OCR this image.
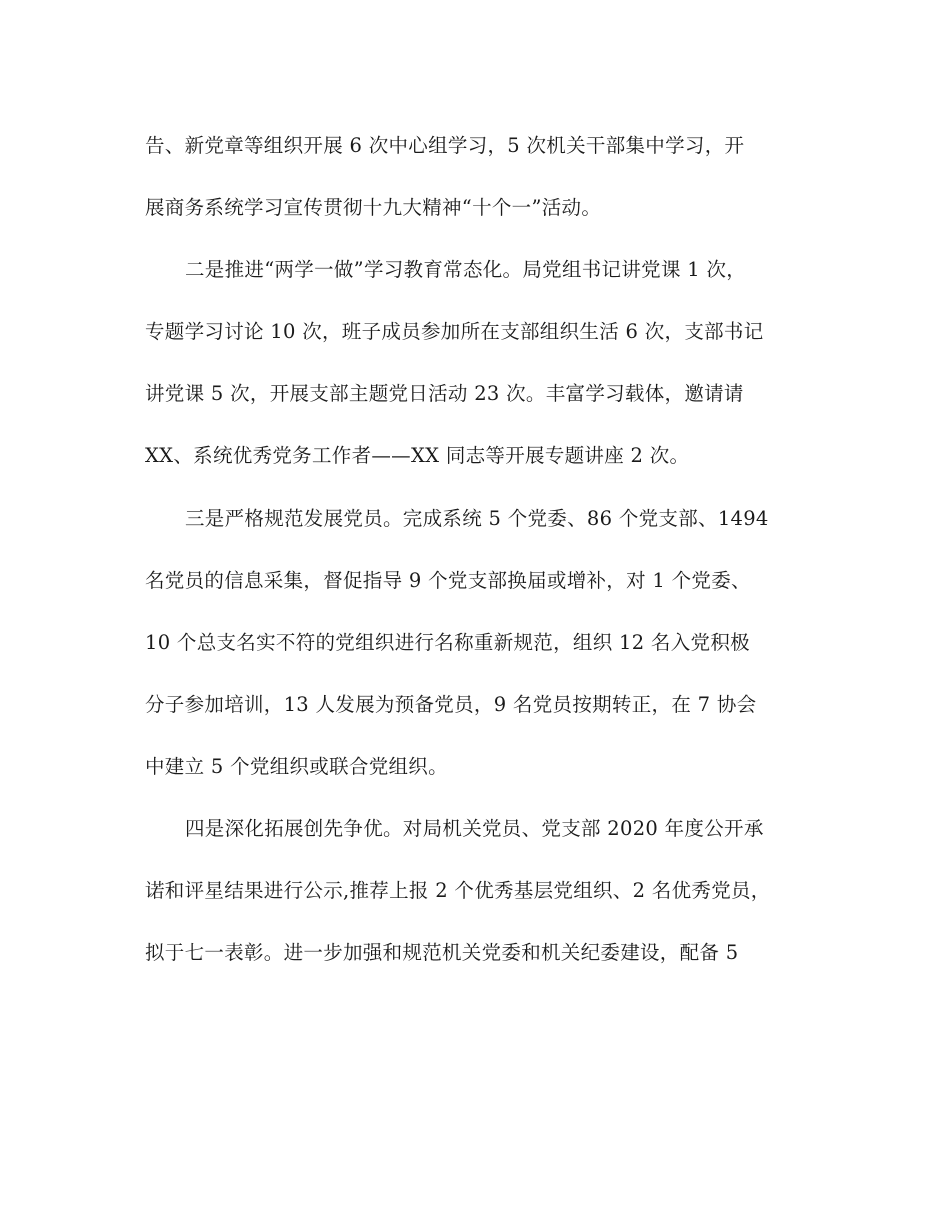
告、新党章等组织开展 6 次中心组学习，5 次机关干部集中学习，开
展商务系统学习宣传贯彻十九大精神“十个一”活动。
二是推进“两学一做”学习教育常态化。局党组书记讲党课 1 次，
专题学习讨论 10 次，班子成员参加所在支部组织生活 6 次，支部书记
讲党课 5 次，开展支部主题党日活动 23 次。丰富学习载体，邀请请
XX、系统优秀党务工作者——XX 同志等开展专题讲座 2 次。
三是严格规范发展党员。完成系统 5 个党委、86 个党支部、1494
名党员的信息采集，督促指导 9 个党支部换届或增补，对 1 个党委、
10 个总支名实不符的党组织进行名称重新规范，组织 12 名入党积极
分子参加培训，13 人发展为预备党员，9 名党员按期转正，在 7 协会
中建立 5 个党组织或联合党组织。
四是深化拓展创先争优。对局机关党员、党支部 2020 年度公开承
诺和评星结果进行公示,推荐上报 2 个优秀基层党组织、2 名优秀党员，
拟于七一表彰。进一步加强和规范机关党委和机关纪委建设，配备 5
